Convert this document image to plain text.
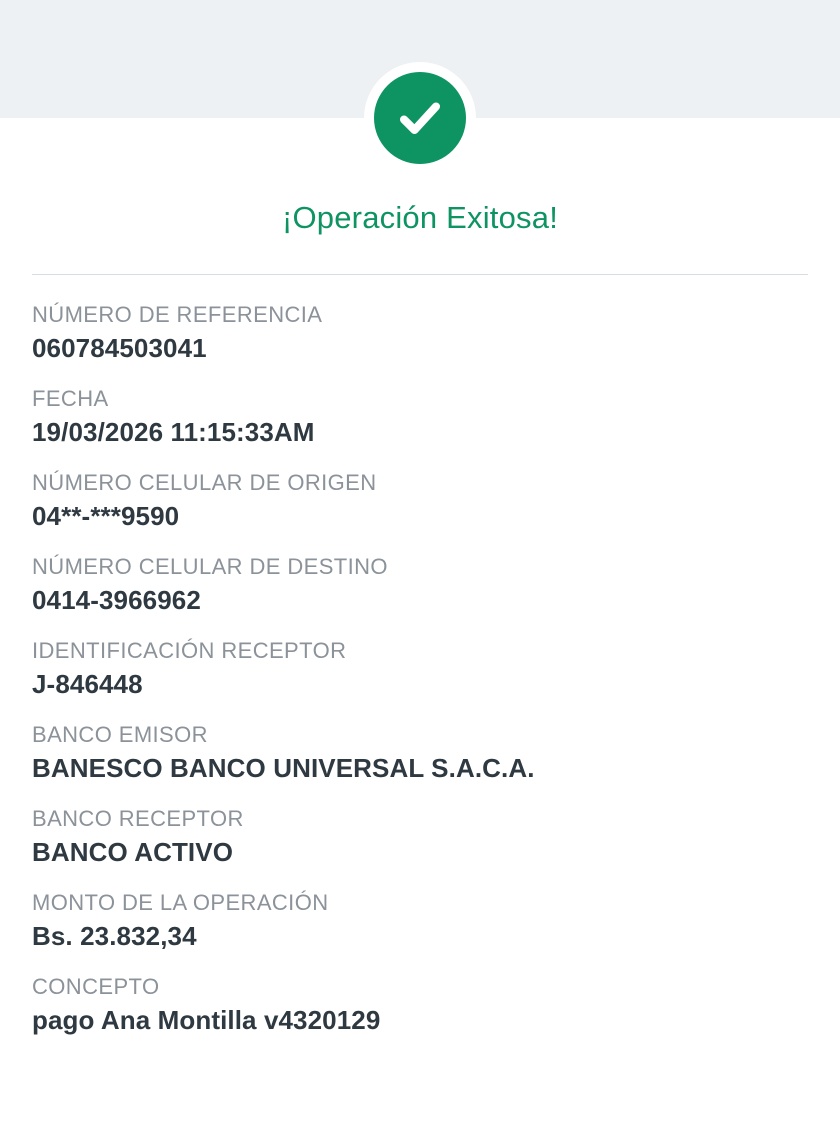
¡Operación Exitosa!
NÚMERO DE REFERENCIA
060784503041
FECHA
19/03/2026 11:15:33AM
NÚMERO CELULAR DE ORIGEN
04**-***9590
NÚMERO CELULAR DE DESTINO
0414-3966962
IDENTIFICACIÓN RECEPTOR
J-846448
BANCO EMISOR
BANESCO BANCO UNIVERSAL S.A.C.A.
BANCO RECEPTOR
BANCO ACTIVO
MONTO DE LA OPERACIÓN
Bs. 23.832,34
CONCEPTO
pago Ana Montilla v4320129
